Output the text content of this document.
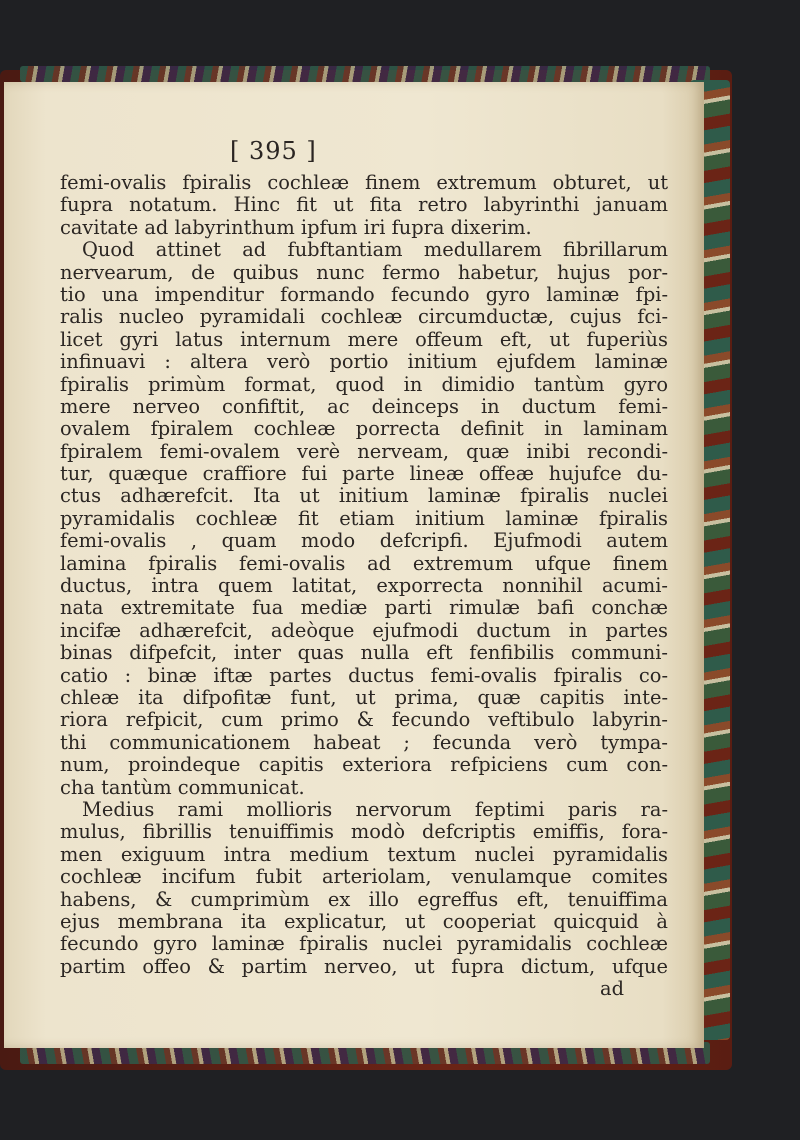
[ 395 ]
femi-ovalis fpiralis cochleæ finem extremum obturet, ut
fupra notatum. Hinc fit ut fita retro labyrinthi januam
cavitate ad labyrinthum ipfum iri fupra dixerim.
Quod attinet ad fubftantiam medullarem fibrillarum
nervearum, de quibus nunc fermo habetur, hujus por-
tio una impenditur formando fecundo gyro laminæ fpi-
ralis nucleo pyramidali cochleæ circumductæ, cujus fci-
licet gyri latus internum mere offeum eft, ut fuperiùs
infinuavi : altera verò portio initium ejufdem laminæ
fpiralis primùm format, quod in dimidio tantùm gyro
mere nerveo confiftit, ac deinceps in ductum femi-
ovalem fpiralem cochleæ porrecta definit in laminam
fpiralem femi-ovalem verè nerveam, quæ inibi recondi-
tur, quæque craffiore fui parte lineæ offeæ hujufce du-
ctus adhærefcit. Ita ut initium laminæ fpiralis nuclei
pyramidalis cochleæ fit etiam initium laminæ fpiralis
femi-ovalis , quam modo defcripfi. Ejufmodi autem
lamina fpiralis femi-ovalis ad extremum ufque finem
ductus, intra quem latitat, exporrecta nonnihil acumi-
nata extremitate fua mediæ parti rimulæ bafi conchæ
incifæ adhærefcit, adeòque ejufmodi ductum in partes
binas difpefcit, inter quas nulla eft fenfibilis communi-
catio : binæ iftæ partes ductus femi-ovalis fpiralis co-
chleæ ita difpofitæ funt, ut prima, quæ capitis inte-
riora refpicit, cum primo & fecundo veftibulo labyrin-
thi communicationem habeat ; fecunda verò tympa-
num, proindeque capitis exteriora refpiciens cum con-
cha tantùm communicat.
Medius rami mollioris nervorum feptimi paris ra-
mulus, fibrillis tenuiffimis modò defcriptis emiffis, fora-
men exiguum intra medium textum nuclei pyramidalis
cochleæ incifum fubit arteriolam, venulamque comites
habens, & cumprimùm ex illo egreffus eft, tenuiffima
ejus membrana ita explicatur, ut cooperiat quicquid à
fecundo gyro laminæ fpiralis nuclei pyramidalis cochleæ
partim offeo & partim nerveo, ut fupra dictum, ufque
ad
